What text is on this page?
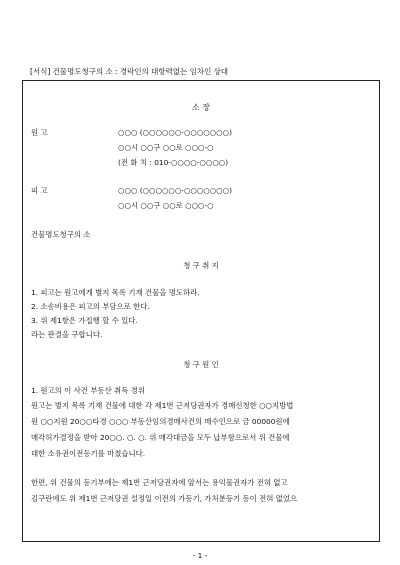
[서식] 건물명도청구의 소 : 경락인의 대항력없는 임차인 상대
소 장
원 고	○○○ (○○○○○○-○○○○○○○)
○○시 ○○구 ○○로 ○○○-○
(전 화 치 : 010-○○○○-○○○○)
피 고	○○○ (○○○○○○-○○○○○○○)
○○시 ○○구 ○○로 ○○○-○
건물명도청구의 소
청 구 취 지
1. 피고는 원고에게 별지 목록 기재 건물을 명도하라.
2. 소송비용은 피고의 부담으로 한다.
3. 위 제1항은 가집행 할 수 있다.
라는 판결을 구합니다.
청 구 원 인
1. 원고의 이 사건 부동산 취득 경위
원고는 별지 목록 기재 건물에 대한 각 제1번 근저당권자가 경매신청한 ○○지방법
원 ○○지원 20○○타경 ○○○ 부동산임의경매사건의 매수인으로 금 00000원에
매각허가결정을 받아 20○○. ○. ○. 위 매각대금을 모두 납부함으로서 위 건물에
대한 소유권이전등기를 마쳤습니다.
한편, 위 건물의 등기부에는 제1번 근저당권자에 앞서는 용익물권자가 전혀 없고
김구란에도 위 제1번 근저당권 설정일 이전의 가등기, 가처분등기 등이 전혀 없었으
- 1 -
